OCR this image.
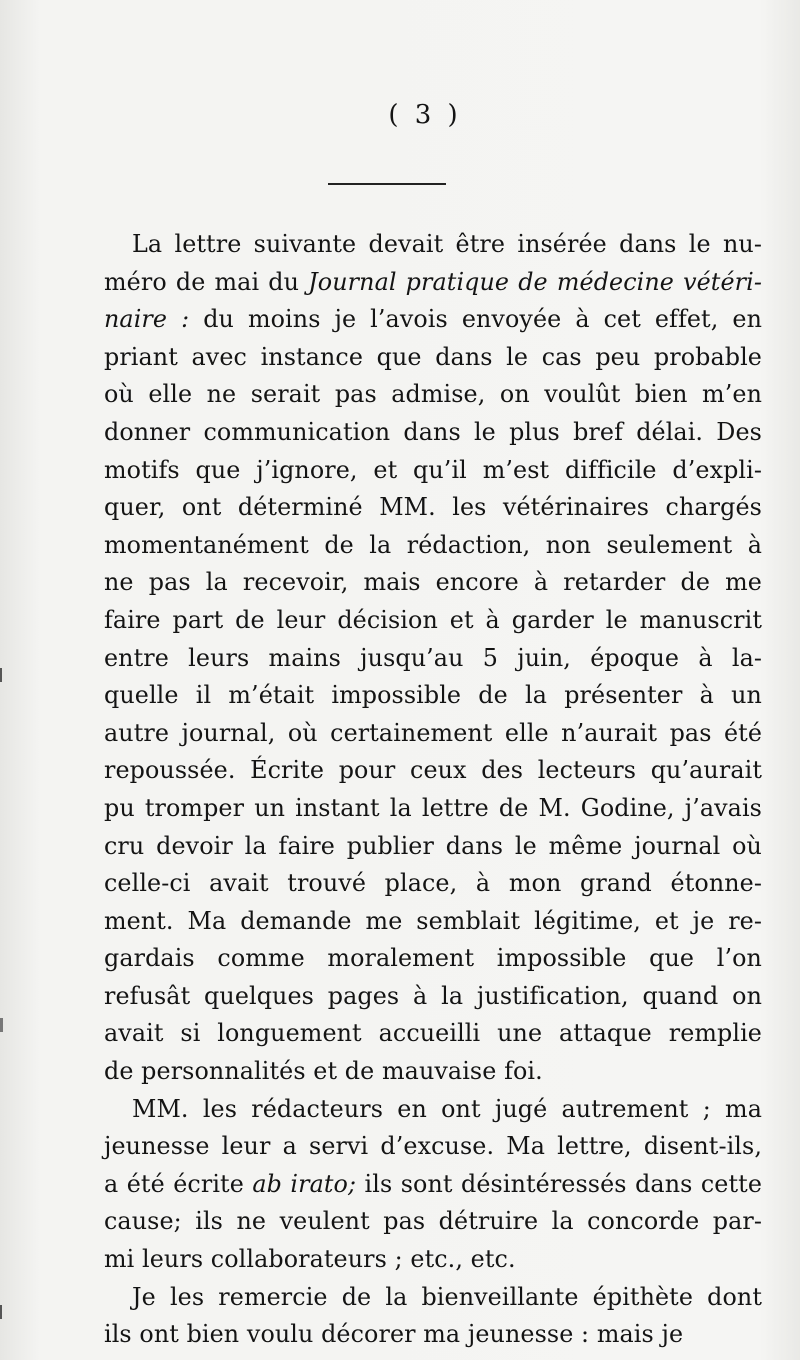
( 3 )

La lettre suivante devait être insérée dans le nu-
méro de mai du Journal pratique de médecine vétéri-
naire : du moins je l’avois envoyée à cet effet, en
priant avec instance que dans le cas peu probable
où elle ne serait pas admise, on voulût bien m’en
donner communication dans le plus bref délai. Des
motifs que j’ignore, et qu’il m’est difficile d’expli-
quer, ont déterminé MM. les vétérinaires chargés
momentanément de la rédaction, non seulement à
ne pas la recevoir, mais encore à retarder de me
faire part de leur décision et à garder le manuscrit
entre leurs mains jusqu’au 5 juin, époque à la-
quelle il m’était impossible de la présenter à un
autre journal, où certainement elle n’aurait pas été
repoussée. Écrite pour ceux des lecteurs qu’aurait
pu tromper un instant la lettre de M. Godine, j’avais
cru devoir la faire publier dans le même journal où
celle-ci avait trouvé place, à mon grand étonne-
ment. Ma demande me semblait légitime, et je re-
gardais comme moralement impossible que l’on
refusât quelques pages à la justification, quand on
avait si longuement accueilli une attaque remplie
de personnalités et de mauvaise foi.

MM. les rédacteurs en ont jugé autrement ; ma
jeunesse leur a servi d’excuse. Ma lettre, disent-ils,
a été écrite ab irato; ils sont désintéressés dans cette
cause; ils ne veulent pas détruire la concorde par-
mi leurs collaborateurs ; etc., etc.

Je les remercie de la bienveillante épithète dont
ils ont bien voulu décorer ma jeunesse : mais je
